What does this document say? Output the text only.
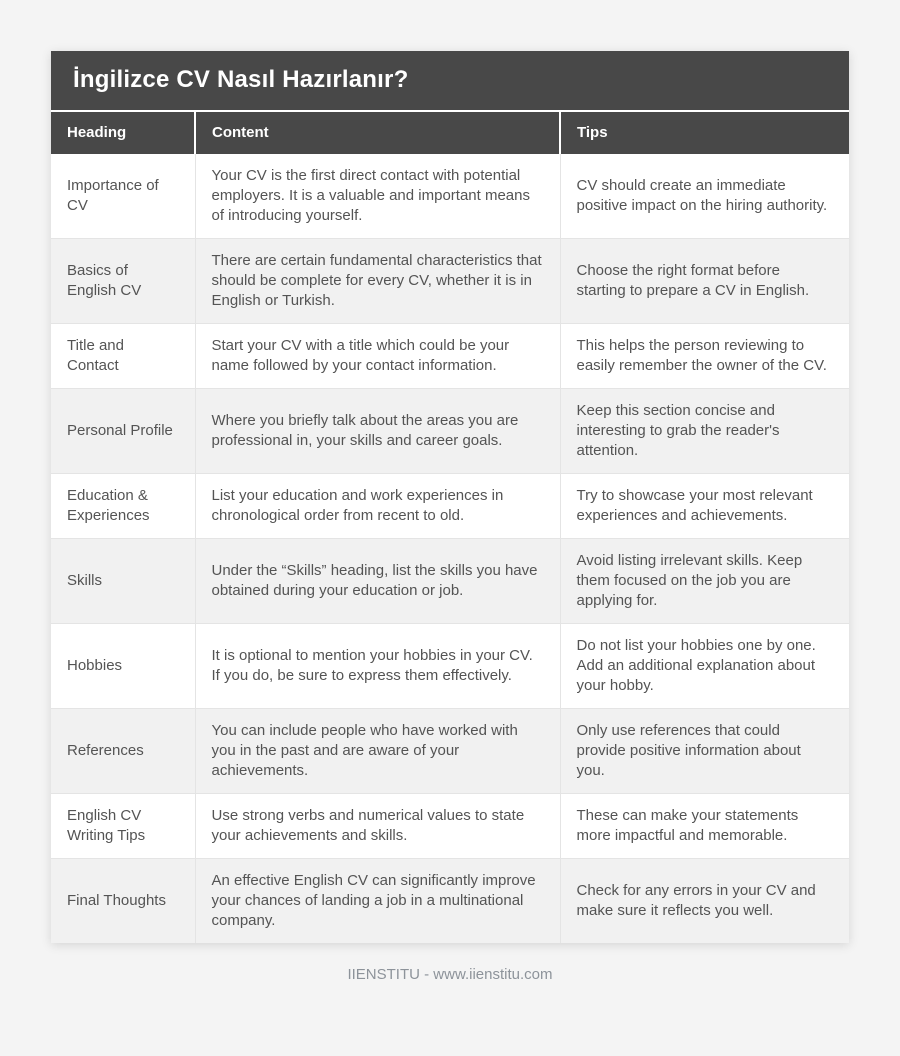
İngilizce CV Nasıl Hazırlanır?
Heading	Content	Tips
Importance of CV	Your CV is the first direct contact with potential employers. It is a valuable and important means of introducing yourself.	CV should create an immediate positive impact on the hiring authority.
Basics of English CV	There are certain fundamental characteristics that should be complete for every CV, whether it is in English or Turkish.	Choose the right format before starting to prepare a CV in English.
Title and Contact	Start your CV with a title which could be your name followed by your contact information.	This helps the person reviewing to easily remember the owner of the CV.
Personal Profile	Where you briefly talk about the areas you are professional in, your skills and career goals.	Keep this section concise and interesting to grab the reader's attention.
Education & Experiences	List your education and work experiences in chronological order from recent to old.	Try to showcase your most relevant experiences and achievements.
Skills	Under the “Skills” heading, list the skills you have obtained during your education or job.	Avoid listing irrelevant skills. Keep them focused on the job you are applying for.
Hobbies	It is optional to mention your hobbies in your CV. If you do, be sure to express them effectively.	Do not list your hobbies one by one. Add an additional explanation about your hobby.
References	You can include people who have worked with you in the past and are aware of your achievements.	Only use references that could provide positive information about you.
English CV Writing Tips	Use strong verbs and numerical values to state your achievements and skills.	These can make your statements more impactful and memorable.
Final Thoughts	An effective English CV can significantly improve your chances of landing a job in a multinational company.	Check for any errors in your CV and make sure it reflects you well.
IIENSTITU - www.iienstitu.com
